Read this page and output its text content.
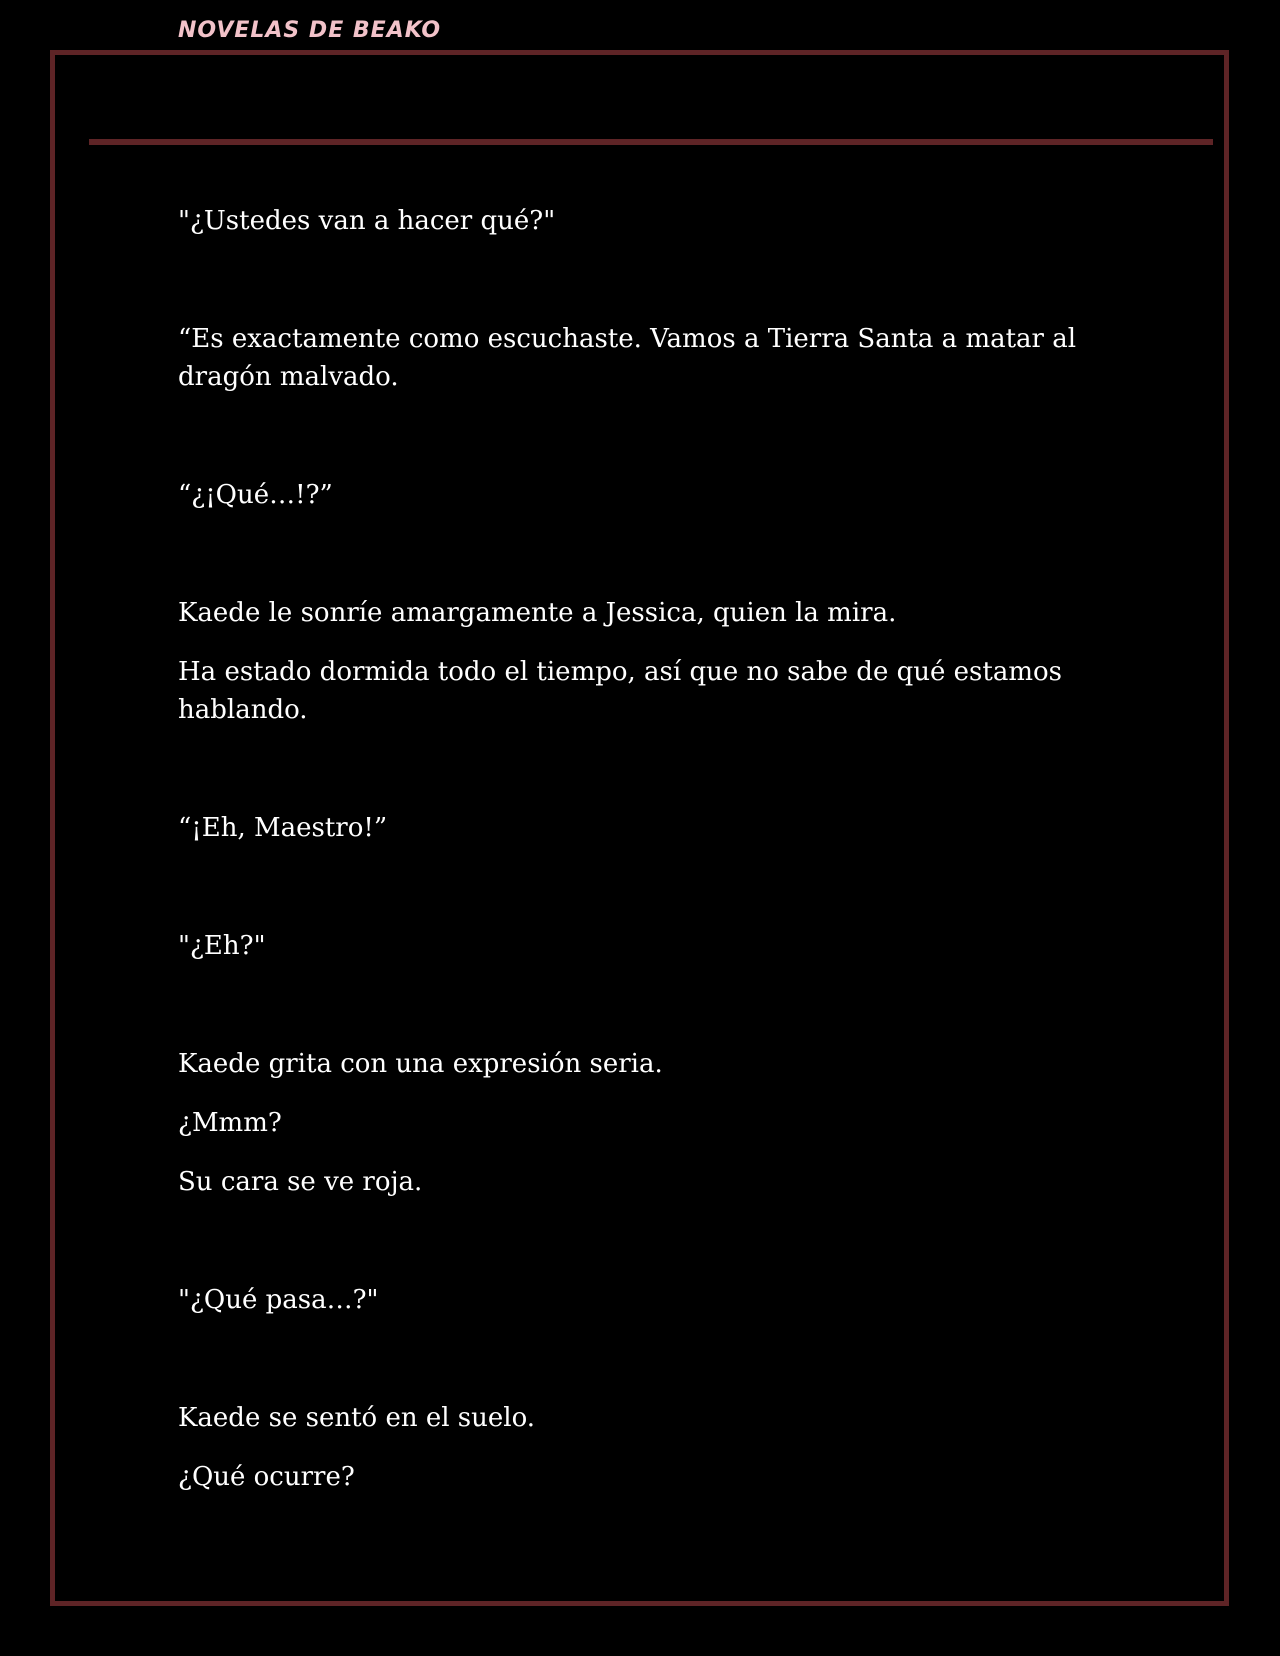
NOVELAS DE BEAKO

"¿Ustedes van a hacer qué?"

“Es exactamente como escuchaste. Vamos a Tierra Santa a matar al dragón malvado.

“¿¡Qué…!?”

Kaede le sonríe amargamente a Jessica, quien la mira.

Ha estado dormida todo el tiempo, así que no sabe de qué estamos hablando.

“¡Eh, Maestro!”

"¿Eh?"

Kaede grita con una expresión seria.

¿Mmm?

Su cara se ve roja.

"¿Qué pasa…?"

Kaede se sentó en el suelo.

¿Qué ocurre?
